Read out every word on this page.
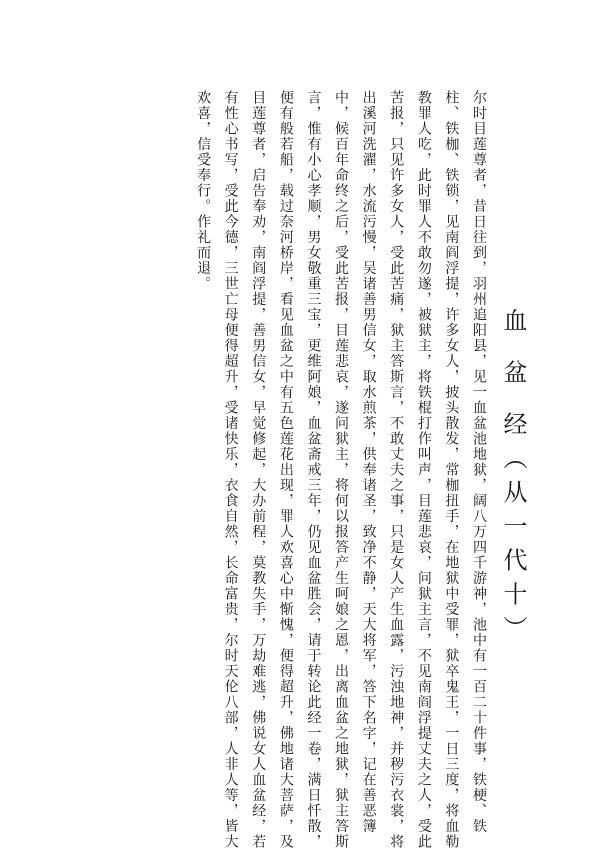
血 盆 经（从一代十）
尔时目莲尊者，昔日往到，羽州追阳县，见一血盆池地狱，阔八万四千游神，池中有一百二十件事，铁梗、铁柱、铁枷、铁锁，见南阎浮提，许多女人，披头散发，常枷扭手，在地狱中受罪，狱卒鬼王，一日三度，将血勒教罪人吃，此时罪人不敢勿遂，被狱主，将铁棍打作叫声，目莲悲哀，问狱主言，不见南阎浮提丈夫之人，受此苦报，只见许多女人，受此苦痛，狱主答斯言，不敢丈夫之事，只是女人产生血露，污浊地神，并秽污衣裳，将出溪河洗濯，水流污慢，吴诸善男信女，取水煎茶，供奉诸圣，致净不静，天大将军，答下名字，记在善恶簿中，候百年命终之后，受此苦报，目莲悲哀，遂问狱主，将何以报答产生呵娘之恩，出离血盆之地狱，狱主答斯言，惟有小心孝顺，男女敬重三宝，更维阿娘，血盆斋戒三年，仍见血盆胜会，请于转论此经一卷，满日忏散，便有般若船，载过奈河桥岸，看见血盆之中有五色莲花出现，罪人欢喜心中惭愧，便得超升，佛地诸大菩萨，及目莲尊者，启告奉劝，南阎浮提，善男信女，早觉修起，大办前程，莫教失手，万劫难逃，佛说女人血盆经，若有性心书写，受此今德，三世亡母便得超升，受诸快乐，衣食自然，长命富贵，尔时天伦八部，人非人等，皆大欢喜，信受奉行。作礼而退。
